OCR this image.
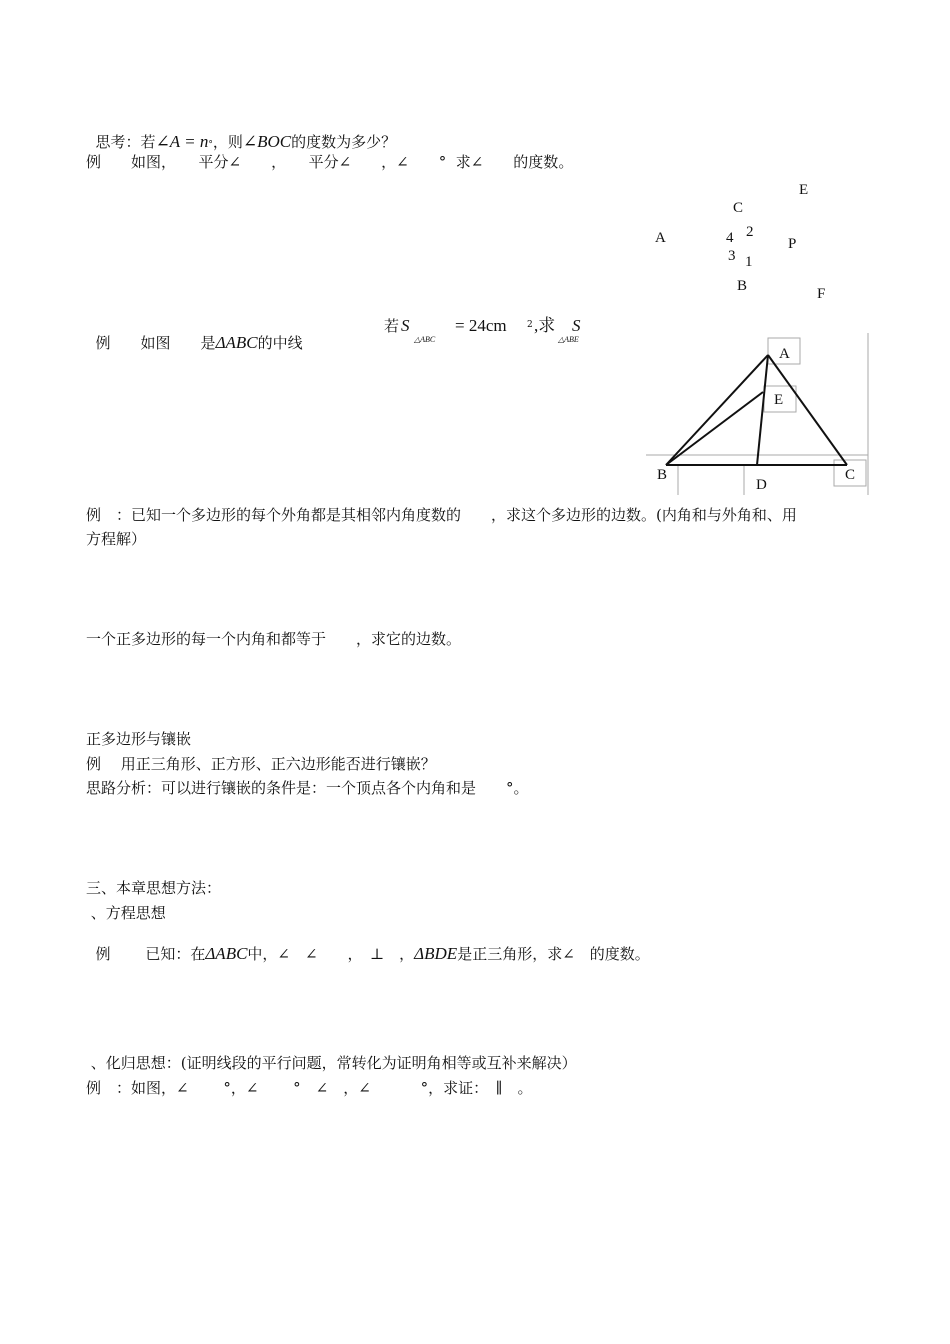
思考：若∠A = n°，则∠BOC的度数为多少？

例　　如图，　　平分∠　　，　　平分∠　　，∠　　°  求∠　　的度数。
E
C
A	4 2
P
3 1
B	F

例　　如图　　是ΔABC的中线

若 S
△ABC
= 24cm 2 ,求 S
△ABE
A
E
B
D
C
例　：已知一个多边形的每个外角都是其相邻内角度数的　　，求这个多边形的边数。(内角和与外角和、用
方程解）
一个正多边形的每一个内角和都等于　　，求它的边数。
正多边形与镶嵌
例　 用正三角形、正方形、正六边形能否进行镶嵌？
思路分析：可以进行镶嵌的条件是：一个顶点各个内角和是　　°。
三、本章思想方法：
、方程思想

例　　 已知：在ΔABC中，∠　∠　　，　⊥　，ΔBDE是正三角形，求∠　的度数。

、化归思想：(证明线段的平行问题，常转化为证明角相等或互补来解决）
例　：如图，∠　　 °，∠　　 °　∠　，∠　　　 °，求证：　∥　。
